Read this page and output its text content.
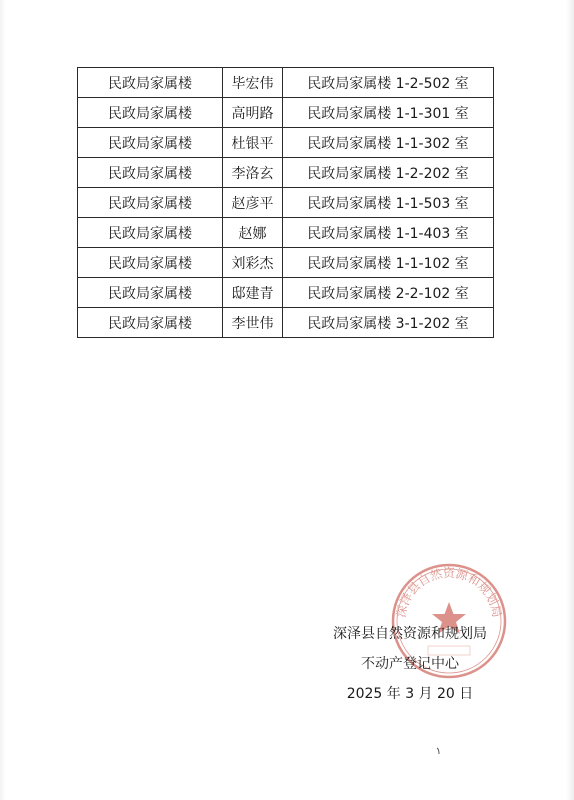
民政局家属楼	毕宏伟	民政局家属楼 1-2-502 室
民政局家属楼	高明路	民政局家属楼 1-1-301 室
民政局家属楼	杜银平	民政局家属楼 1-1-302 室
民政局家属楼	李洛玄	民政局家属楼 1-2-202 室
民政局家属楼	赵彦平	民政局家属楼 1-1-503 室
民政局家属楼	赵娜	民政局家属楼 1-1-403 室
民政局家属楼	刘彩杰	民政局家属楼 1-1-102 室
民政局家属楼	邸建青	民政局家属楼 2-2-102 室
民政局家属楼	李世伟	民政局家属楼 3-1-202 室
深泽县自然资源和规划局
深泽县自然资源和规划局
不动产登记中心
2025 年 3 月 20 日
